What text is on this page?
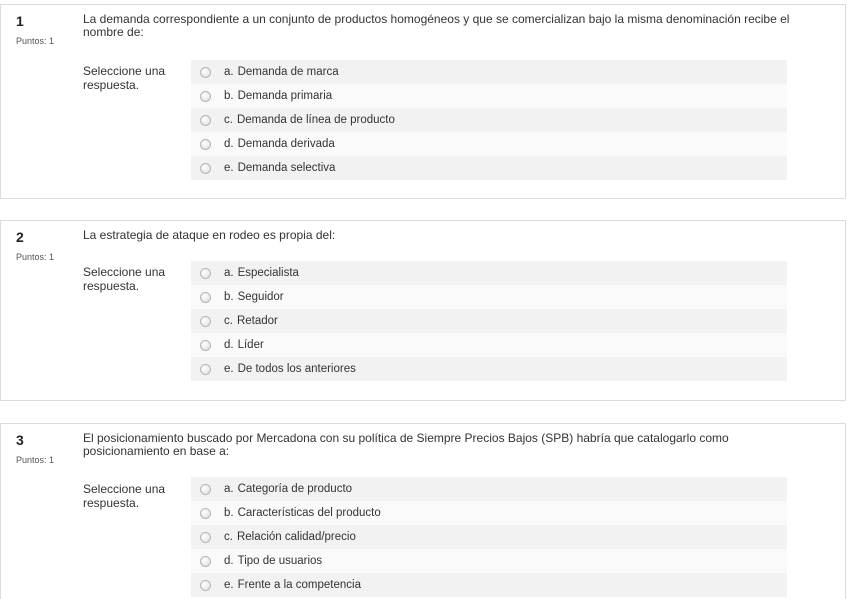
1
Puntos: 1
La demanda correspondiente a un conjunto de productos homogéneos y que se comercializan bajo la misma denominación recibe el nombre de:
Seleccione una respuesta.
a. Demanda de marca
b. Demanda primaria
c. Demanda de línea de producto
d. Demanda derivada
e. Demanda selectiva
2
Puntos: 1
La estrategia de ataque en rodeo es propia del:
Seleccione una respuesta.
a. Especialista
b. Seguidor
c. Retador
d. Líder
e. De todos los anteriores
3
Puntos: 1
El posicionamiento buscado por Mercadona con su política de Siempre Precios Bajos (SPB) habría que catalogarlo como posicionamiento en base a:
Seleccione una respuesta.
a. Categoría de producto
b. Características del producto
c. Relación calidad/precio
d. Tipo de usuarios
e. Frente a la competencia
